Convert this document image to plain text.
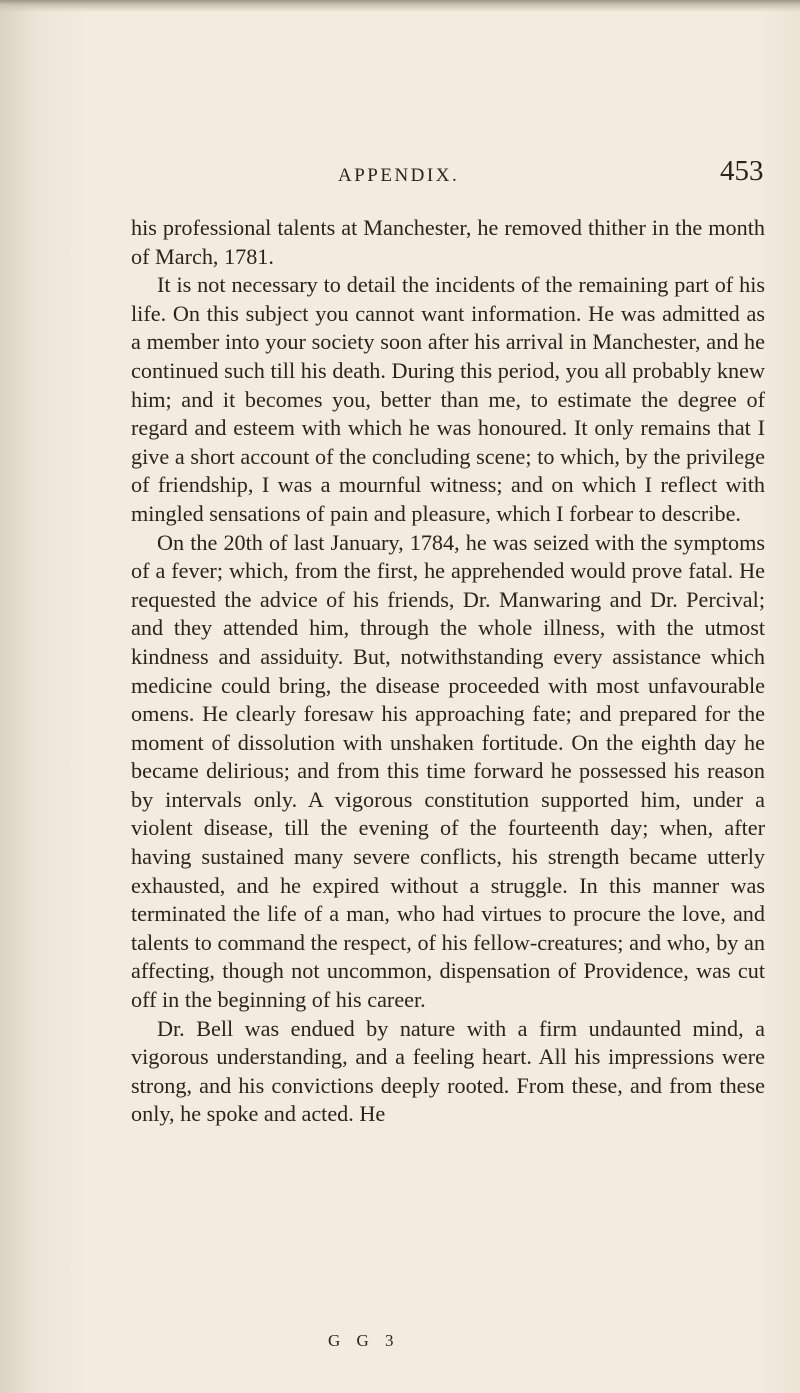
APPENDIX.	453

his professional talents at Manchester, he removed thither in the month of March, 1781.

It is not necessary to detail the incidents of the remaining part of his life. On this subject you cannot want information. He was admitted as a member into your society soon after his arrival in Manchester, and he continued such till his death. During this period, you all probably knew him; and it becomes you, better than me, to estimate the degree of regard and esteem with which he was honoured. It only remains that I give a short account of the concluding scene; to which, by the privilege of friendship, I was a mournful witness; and on which I reflect with mingled sensations of pain and pleasure, which I forbear to describe.

On the 20th of last January, 1784, he was seized with the symptoms of a fever; which, from the first, he apprehended would prove fatal. He requested the advice of his friends, Dr. Manwaring and Dr. Percival; and they attended him, through the whole illness, with the utmost kindness and assiduity. But, notwithstanding every assistance which medicine could bring, the disease proceeded with most unfavourable omens. He clearly foresaw his approaching fate; and prepared for the moment of dissolution with unshaken fortitude. On the eighth day he became delirious; and from this time forward he possessed his reason by intervals only. A vigorous constitution supported him, under a violent disease, till the evening of the fourteenth day; when, after having sustained many severe conflicts, his strength became utterly exhausted, and he expired without a struggle. In this manner was terminated the life of a man, who had virtues to procure the love, and talents to command the respect, of his fellow-creatures; and who, by an affecting, though not uncommon, dispensation of Providence, was cut off in the beginning of his career.

Dr. Bell was endued by nature with a firm undaunted mind, a vigorous understanding, and a feeling heart. All his impressions were strong, and his convictions deeply rooted. From these, and from these only, he spoke and acted. He

G G 3
